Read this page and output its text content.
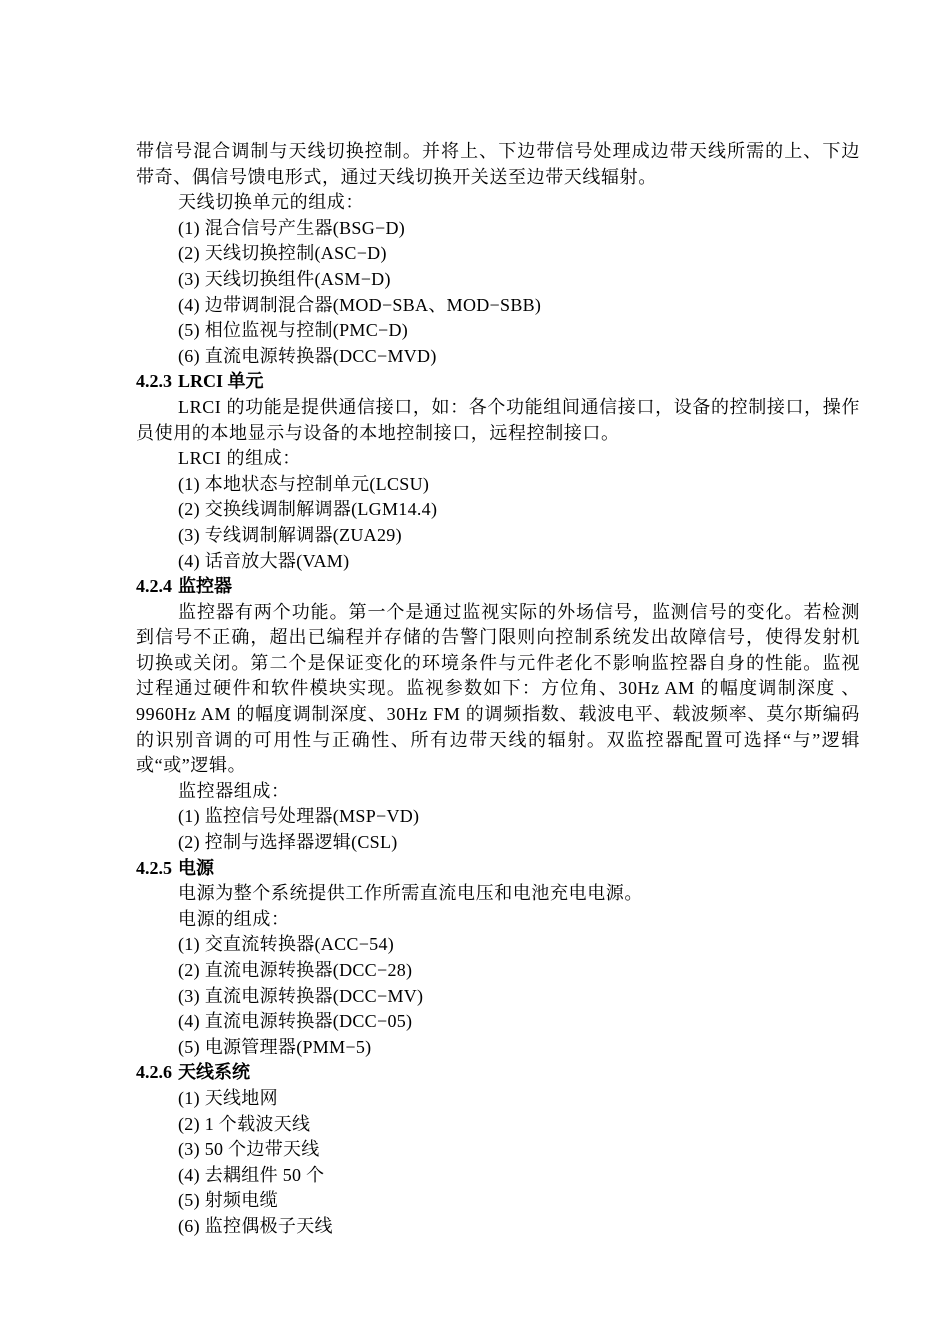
带信号混合调制与天线切换控制。并将上、下边带信号处理成边带天线所需的上、下边带奇、偶信号馈电形式，通过天线切换开关送至边带天线辐射。
天线切换单元的组成：
(1) 混合信号产生器(BSG−D)
(2) 天线切换控制(ASC−D)
(3) 天线切换组件(ASM−D)
(4) 边带调制混合器(MOD−SBA、MOD−SBB)
(5) 相位监视与控制(PMC−D)
(6) 直流电源转换器(DCC−MVD)
4.2.3 LRCI 单元
LRCI 的功能是提供通信接口，如：各个功能组间通信接口，设备的控制接口，操作员使用的本地显示与设备的本地控制接口，远程控制接口。
LRCI 的组成：
(1) 本地状态与控制单元(LCSU)
(2) 交换线调制解调器(LGM14.4)
(3) 专线调制解调器(ZUA29)
(4) 话音放大器(VAM)
4.2.4 监控器
监控器有两个功能。第一个是通过监视实际的外场信号，监测信号的变化。若检测到信号不正确，超出已编程并存储的告警门限则向控制系统发出故障信号，使得发射机切换或关闭。第二个是保证变化的环境条件与元件老化不影响监控器自身的性能。监视过程通过硬件和软件模块实现。监视参数如下：方位角、30Hz AM 的幅度调制深度 、9960Hz AM 的幅度调制深度、30Hz FM 的调频指数、载波电平、载波频率、莫尔斯编码的识别音调的可用性与正确性、所有边带天线的辐射。双监控器配置可选择“与”逻辑或“或”逻辑。
监控器组成：
(1) 监控信号处理器(MSP−VD)
(2) 控制与选择器逻辑(CSL)
4.2.5 电源
电源为整个系统提供工作所需直流电压和电池充电电源。
电源的组成：
(1) 交直流转换器(ACC−54)
(2) 直流电源转换器(DCC−28)
(3) 直流电源转换器(DCC−MV)
(4) 直流电源转换器(DCC−05)
(5) 电源管理器(PMM−5)
4.2.6 天线系统
(1) 天线地网
(2) 1 个载波天线
(3) 50 个边带天线
(4) 去耦组件 50 个
(5) 射频电缆
(6) 监控偶极子天线
